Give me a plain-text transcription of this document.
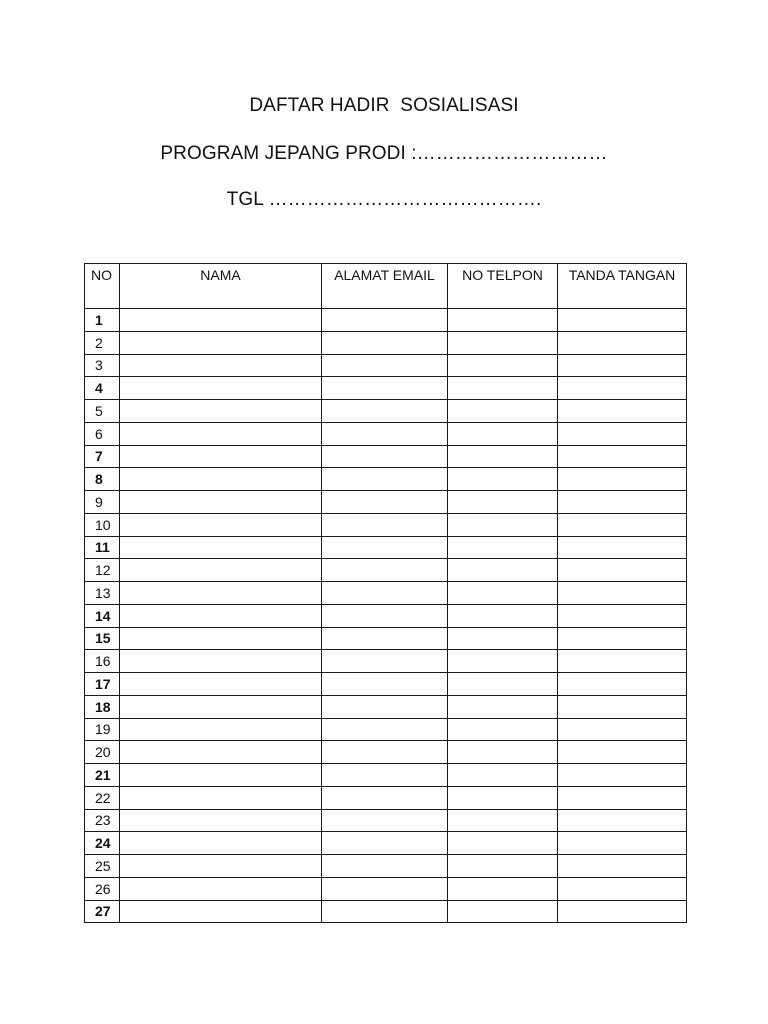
DAFTAR HADIR  SOSIALISASI
PROGRAM JEPANG PRODI :…………………………
TGL …………………………………….
NO	NAMA	ALAMAT EMAIL	NO TELPON	TANDA TANGAN
1				
2				
3				
4				
5				
6				
7				
8				
9				
10				
11				
12				
13				
14				
15				
16				
17				
18				
19				
20				
21				
22				
23				
24				
25				
26				
27				
